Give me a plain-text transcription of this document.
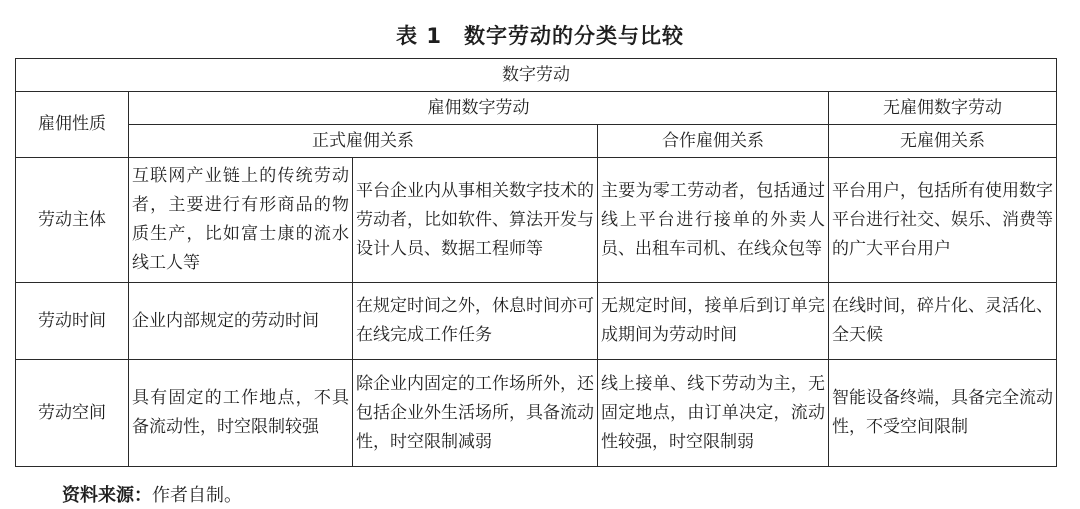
表 1　数字劳动的分类与比较
数字劳动				
雇佣性质	雇佣数字劳动			无雇佣数字劳动
	正式雇佣关系		合作雇佣关系	无雇佣关系
劳动主体	互联网产业链上的传统劳动者，主要进行有形商品的物质生产，比如富士康的流水线工人等	平台企业内从事相关数字技术的劳动者，比如软件、算法开发与设计人员、数据工程师等	主要为零工劳动者，包括通过线上平台进行接单的外卖人员、出租车司机、在线众包等	平台用户，包括所有使用数字平台进行社交、娱乐、消费等的广大平台用户
劳动时间	企业内部规定的劳动时间	在规定时间之外，休息时间亦可在线完成工作任务	无规定时间，接单后到订单完成期间为劳动时间	在线时间，碎片化、灵活化、全天候
劳动空间	具有固定的工作地点，不具备流动性，时空限制较强	除企业内固定的工作场所外，还包括企业外生活场所，具备流动性，时空限制减弱	线上接单、线下劳动为主，无固定地点，由订单决定，流动性较强，时空限制弱	智能设备终端，具备完全流动性，不受空间限制
资料来源：作者自制。
